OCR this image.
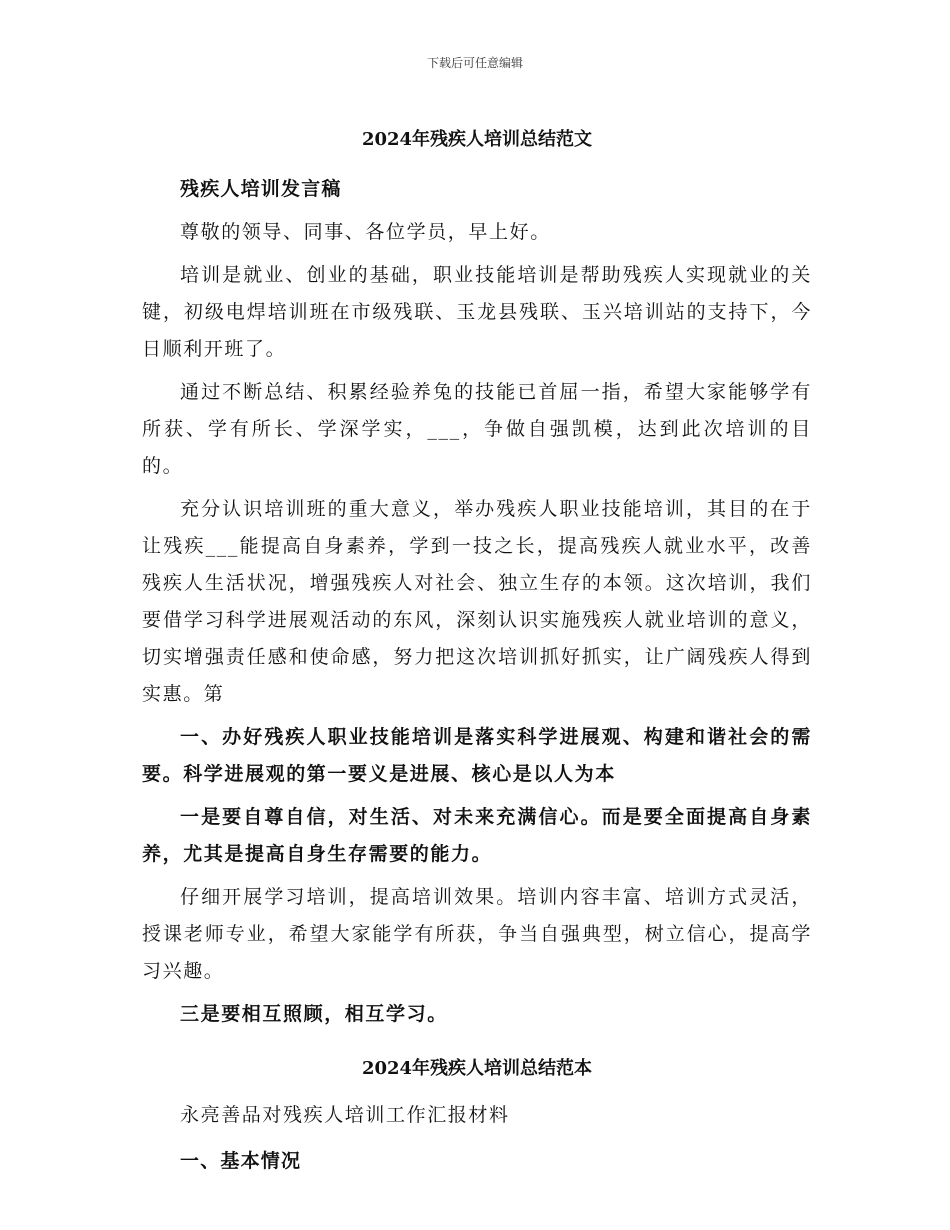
下载后可任意编辑
2024年残疾人培训总结范文
残疾人培训发言稿

尊敬的领导、同事、各位学员，早上好。

培训是就业、创业的基础，职业技能培训是帮助残疾人实现就业的关键，初级电焊培训班在市级残联、玉龙县残联、玉兴培训站的支持下，今日顺利开班了。

通过不断总结、积累经验养兔的技能已首屈一指，希望大家能够学有所获、学有所长、学深学实，___，争做自强凯模，达到此次培训的目的。

充分认识培训班的重大意义，举办残疾人职业技能培训，其目的在于让残疾___能提高自身素养，学到一技之长，提高残疾人就业水平，改善残疾人生活状况，增强残疾人对社会、独立生存的本领。这次培训，我们要借学习科学进展观活动的东风，深刻认识实施残疾人就业培训的意义，切实增强责任感和使命感，努力把这次培训抓好抓实，让广阔残疾人得到实惠。第

一、办好残疾人职业技能培训是落实科学进展观、构建和谐社会的需要。科学进展观的第一要义是进展、核心是以人为本

一是要自尊自信，对生活、对未来充满信心。而是要全面提高自身素养，尤其是提高自身生存需要的能力。

仔细开展学习培训，提高培训效果。培训内容丰富、培训方式灵活，授课老师专业，希望大家能学有所获，争当自强典型，树立信心，提高学习兴趣。

三是要相互照顾，相互学习。

2024年残疾人培训总结范本

永亮善品对残疾人培训工作汇报材料

一、基本情况
